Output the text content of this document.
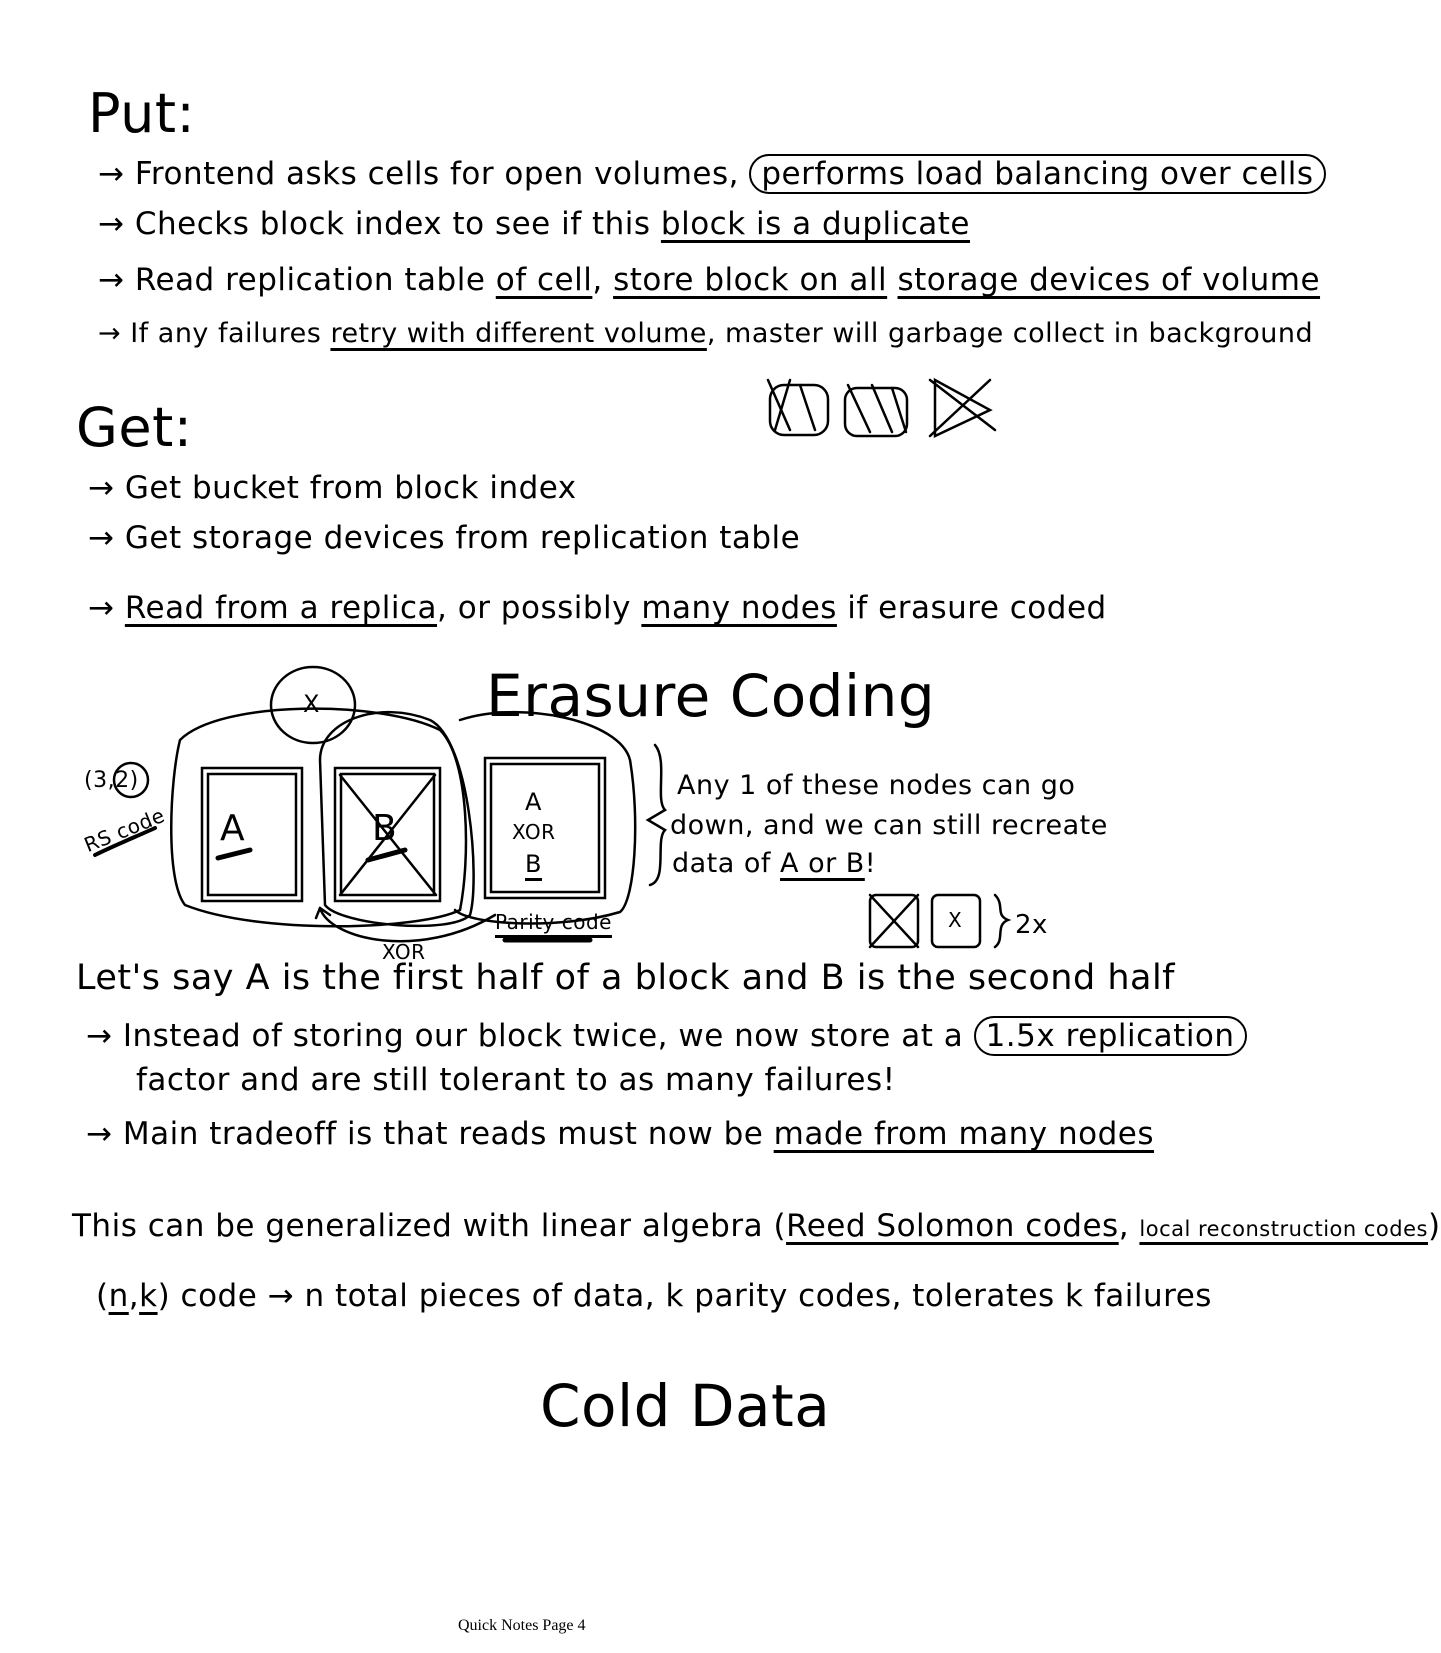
Put:
→ Frontend asks cells for open volumes, performs load balancing over cells
→ Checks block index to see if this block is a duplicate
→ Read replication table of cell, store block on all storage devices of volume
→ If any failures retry with different volume, master will garbage collect in background
Get:
→ Get bucket from block index
→ Get storage devices from replication table
→ Read from a replica, or possibly many nodes if erasure coded
Erasure Coding
X
(3,2)
RS code A	B
A
XOR
B
XOR
Parity code
Any 1 of these nodes can go
down, and we can still recreate
data of A or B!
X 2x
Let's say A is the first half of a block and B is the second half
→ Instead of storing our block twice, we now store at a 1.5x replication
factor and are still tolerant to as many failures!
→ Main tradeoff is that reads must now be made from many nodes
This can be generalized with linear algebra (Reed Solomon codes, local reconstruction codes)
(n,k) code → n total pieces of data, k parity codes, tolerates k failures
Cold Data
Quick Notes Page 4
